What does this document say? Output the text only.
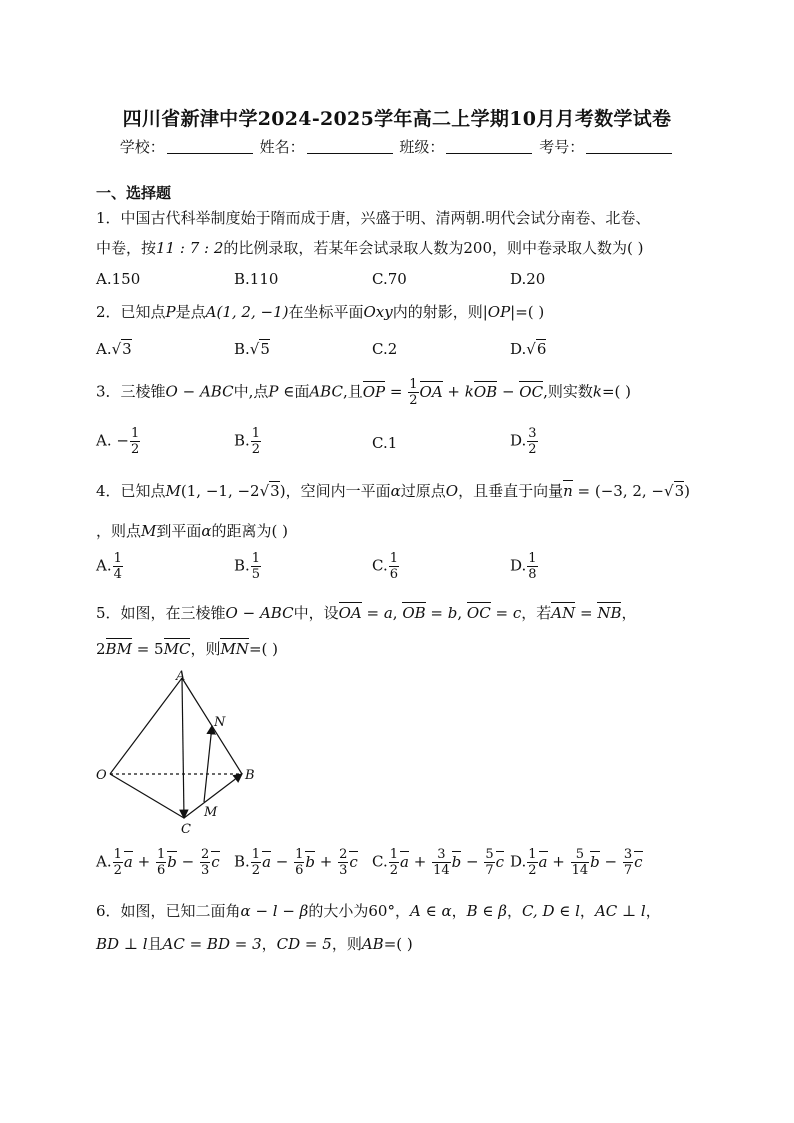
四川省新津中学2024-2025学年高二上学期10月月考数学试卷
学校：	姓名：	班级：	考号：
一、选择题
1．中国古代科举制度始于隋而成于唐，兴盛于明、清两朝.明代会试分南卷、北卷、
中卷，按11 : 7 : 2的比例录取，若某年会试录取人数为200，则中卷录取人数为( )
A.150	B.110	C.70	D.20
2．已知点P是点A(1, 2, −1)在坐标平面Oxy内的射影，则|OP|=( )
A.√3	B.√5	C.2	D.√6
3．三棱锥O − ABC中,点P ∈面ABC,且OP = $\frac{1}{2}$ OA + kOB − OC,则实数k=( )
A. − $\frac{1}{2}$	B. $\frac{1}{2}$	C.1	D. $\frac{3}{2}$
4．已知点M(1, −1, −2√3)，空间内一平面α过原点O，且垂直于向量n = (−3, 2, −√3)
，则点M到平面α的距离为( )
A. $\frac{1}{4}$	B. $\frac{1}{5}$	C. $\frac{1}{6}$	D. $\frac{1}{8}$
5．如图，在三棱锥O − ABC中，设OA = a, OB = b, OC = c，若AN = NB，
2BM = 5MC，则MN=( )
A
N
O	B
M
C
A. $\frac{1}{2}$ $a + \frac{1}{6}$ $b - \frac{2}{3}$ c B. $\frac{1}{2}$ $a - \frac{1}{6}$ $b + \frac{2}{3}$ c C. $\frac{1}{2}$ $a + \frac{3}{14}$ $b - \frac{5}{7}$ c D. $\frac{1}{2}$ $a + \frac{5}{14}$ $b - \frac{3}{7}$ c
6．如图，已知二面角α − l − β的大小为60°，A ∈ α，B ∈ β，C, D ∈ l，AC ⊥ l，
BD ⊥ l且AC = BD = 3，CD = 5，则AB=( )
